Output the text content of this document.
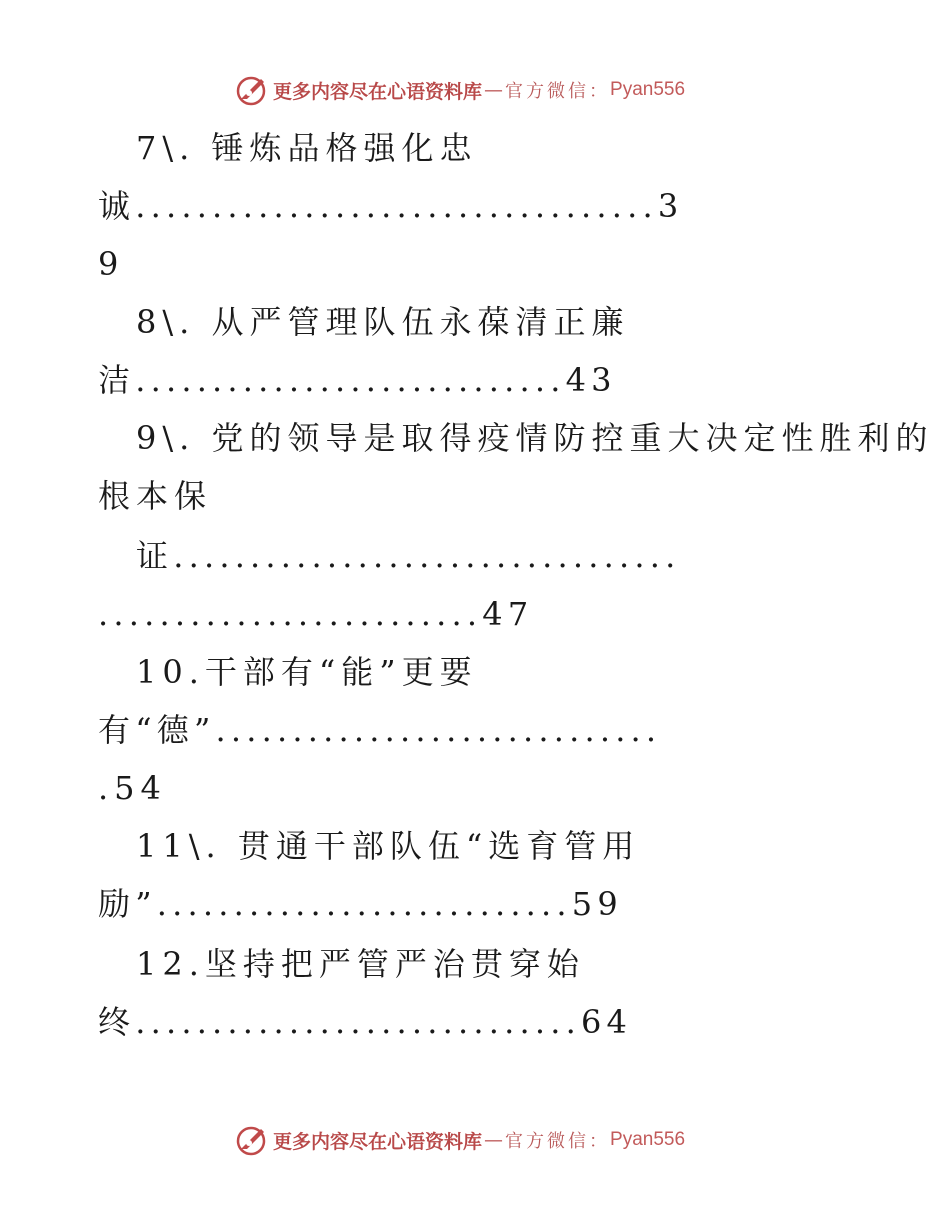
更多内容尽在心语资料库 — 官方微信： Pyan556
7\. 锤炼品格强化忠
诚..................................3
9
8\. 从严管理队伍永葆清正廉
洁............................43
9\. 党的领导是取得疫情防控重大决定性胜利的
根本保
证.................................
.........................47
10.干部有“能”更要
有“德”.............................
.54
11\. 贯通干部队伍“选育管用
励”...........................59
12.坚持把严管严治贯穿始
终.............................64
更多内容尽在心语资料库 — 官方微信： Pyan556
